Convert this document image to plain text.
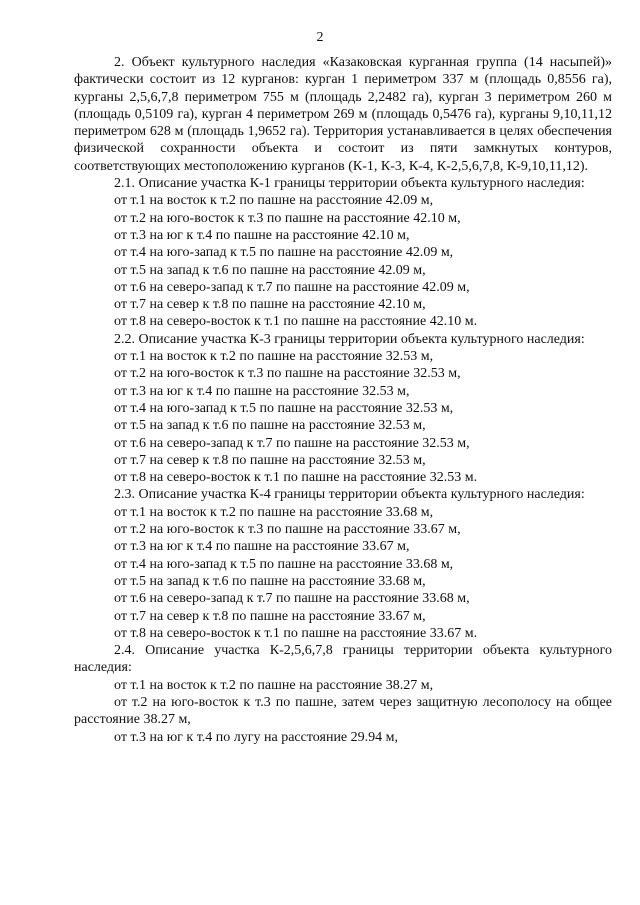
2

2. Объект культурного наследия «Казаковская курганная группа (14 насыпей)» фактически состоит из 12 курганов: курган 1 периметром 337 м (площадь 0,8556 га), курганы 2,5,6,7,8 периметром 755 м (площадь 2,2482 га), курган 3 периметром 260 м (площадь 0,5109 га), курган 4 периметром 269 м (площадь 0,5476 га), курганы 9,10,11,12 периметром 628 м (площадь 1,9652 га). Территория устанавливается в целях обеспечения физической сохранности объекта и состоит из пяти замкнутых контуров, соответствующих местоположению курганов (К-1, К-3, К-4, К-2,5,6,7,8, К-9,10,11,12).

2.1. Описание участка К-1 границы территории объекта культурного наследия:

от т.1 на восток к т.2 по пашне на расстояние 42.09 м,

от т.2 на юго-восток к т.3 по пашне на расстояние 42.10 м,

от т.3 на юг к т.4 по пашне на расстояние 42.10 м,

от т.4 на юго-запад к т.5 по пашне на расстояние 42.09 м,

от т.5 на запад к т.6 по пашне на расстояние 42.09 м,

от т.6 на северо-запад к т.7 по пашне на расстояние 42.09 м,

от т.7 на север к т.8 по пашне на расстояние 42.10 м,

от т.8 на северо-восток к т.1 по пашне на расстояние 42.10 м.

2.2. Описание участка К-3 границы территории объекта культурного наследия:

от т.1 на восток к т.2 по пашне на расстояние 32.53 м,

от т.2 на юго-восток к т.3 по пашне на расстояние 32.53 м,

от т.3 на юг к т.4 по пашне на расстояние 32.53 м,

от т.4 на юго-запад к т.5 по пашне на расстояние 32.53 м,

от т.5 на запад к т.6 по пашне на расстояние 32.53 м,

от т.6 на северо-запад к т.7 по пашне на расстояние 32.53 м,

от т.7 на север к т.8 по пашне на расстояние 32.53 м,

от т.8 на северо-восток к т.1 по пашне на расстояние 32.53 м.

2.3. Описание участка К-4 границы территории объекта культурного наследия:

от т.1 на восток к т.2 по пашне на расстояние 33.68 м,

от т.2 на юго-восток к т.3 по пашне на расстояние 33.67 м,

от т.3 на юг к т.4 по пашне на расстояние 33.67 м,

от т.4 на юго-запад к т.5 по пашне на расстояние 33.68 м,

от т.5 на запад к т.6 по пашне на расстояние 33.68 м,

от т.6 на северо-запад к т.7 по пашне на расстояние 33.68 м,

от т.7 на север к т.8 по пашне на расстояние 33.67 м,

от т.8 на северо-восток к т.1 по пашне на расстояние 33.67 м.

2.4. Описание участка К-2,5,6,7,8 границы территории объекта культурного наследия:

от т.1 на восток к т.2 по пашне на расстояние 38.27 м,

от т.2 на юго-восток к т.3 по пашне, затем через защитную лесополосу на общее расстояние 38.27 м,

от т.3 на юг к т.4 по лугу на расстояние 29.94 м,
